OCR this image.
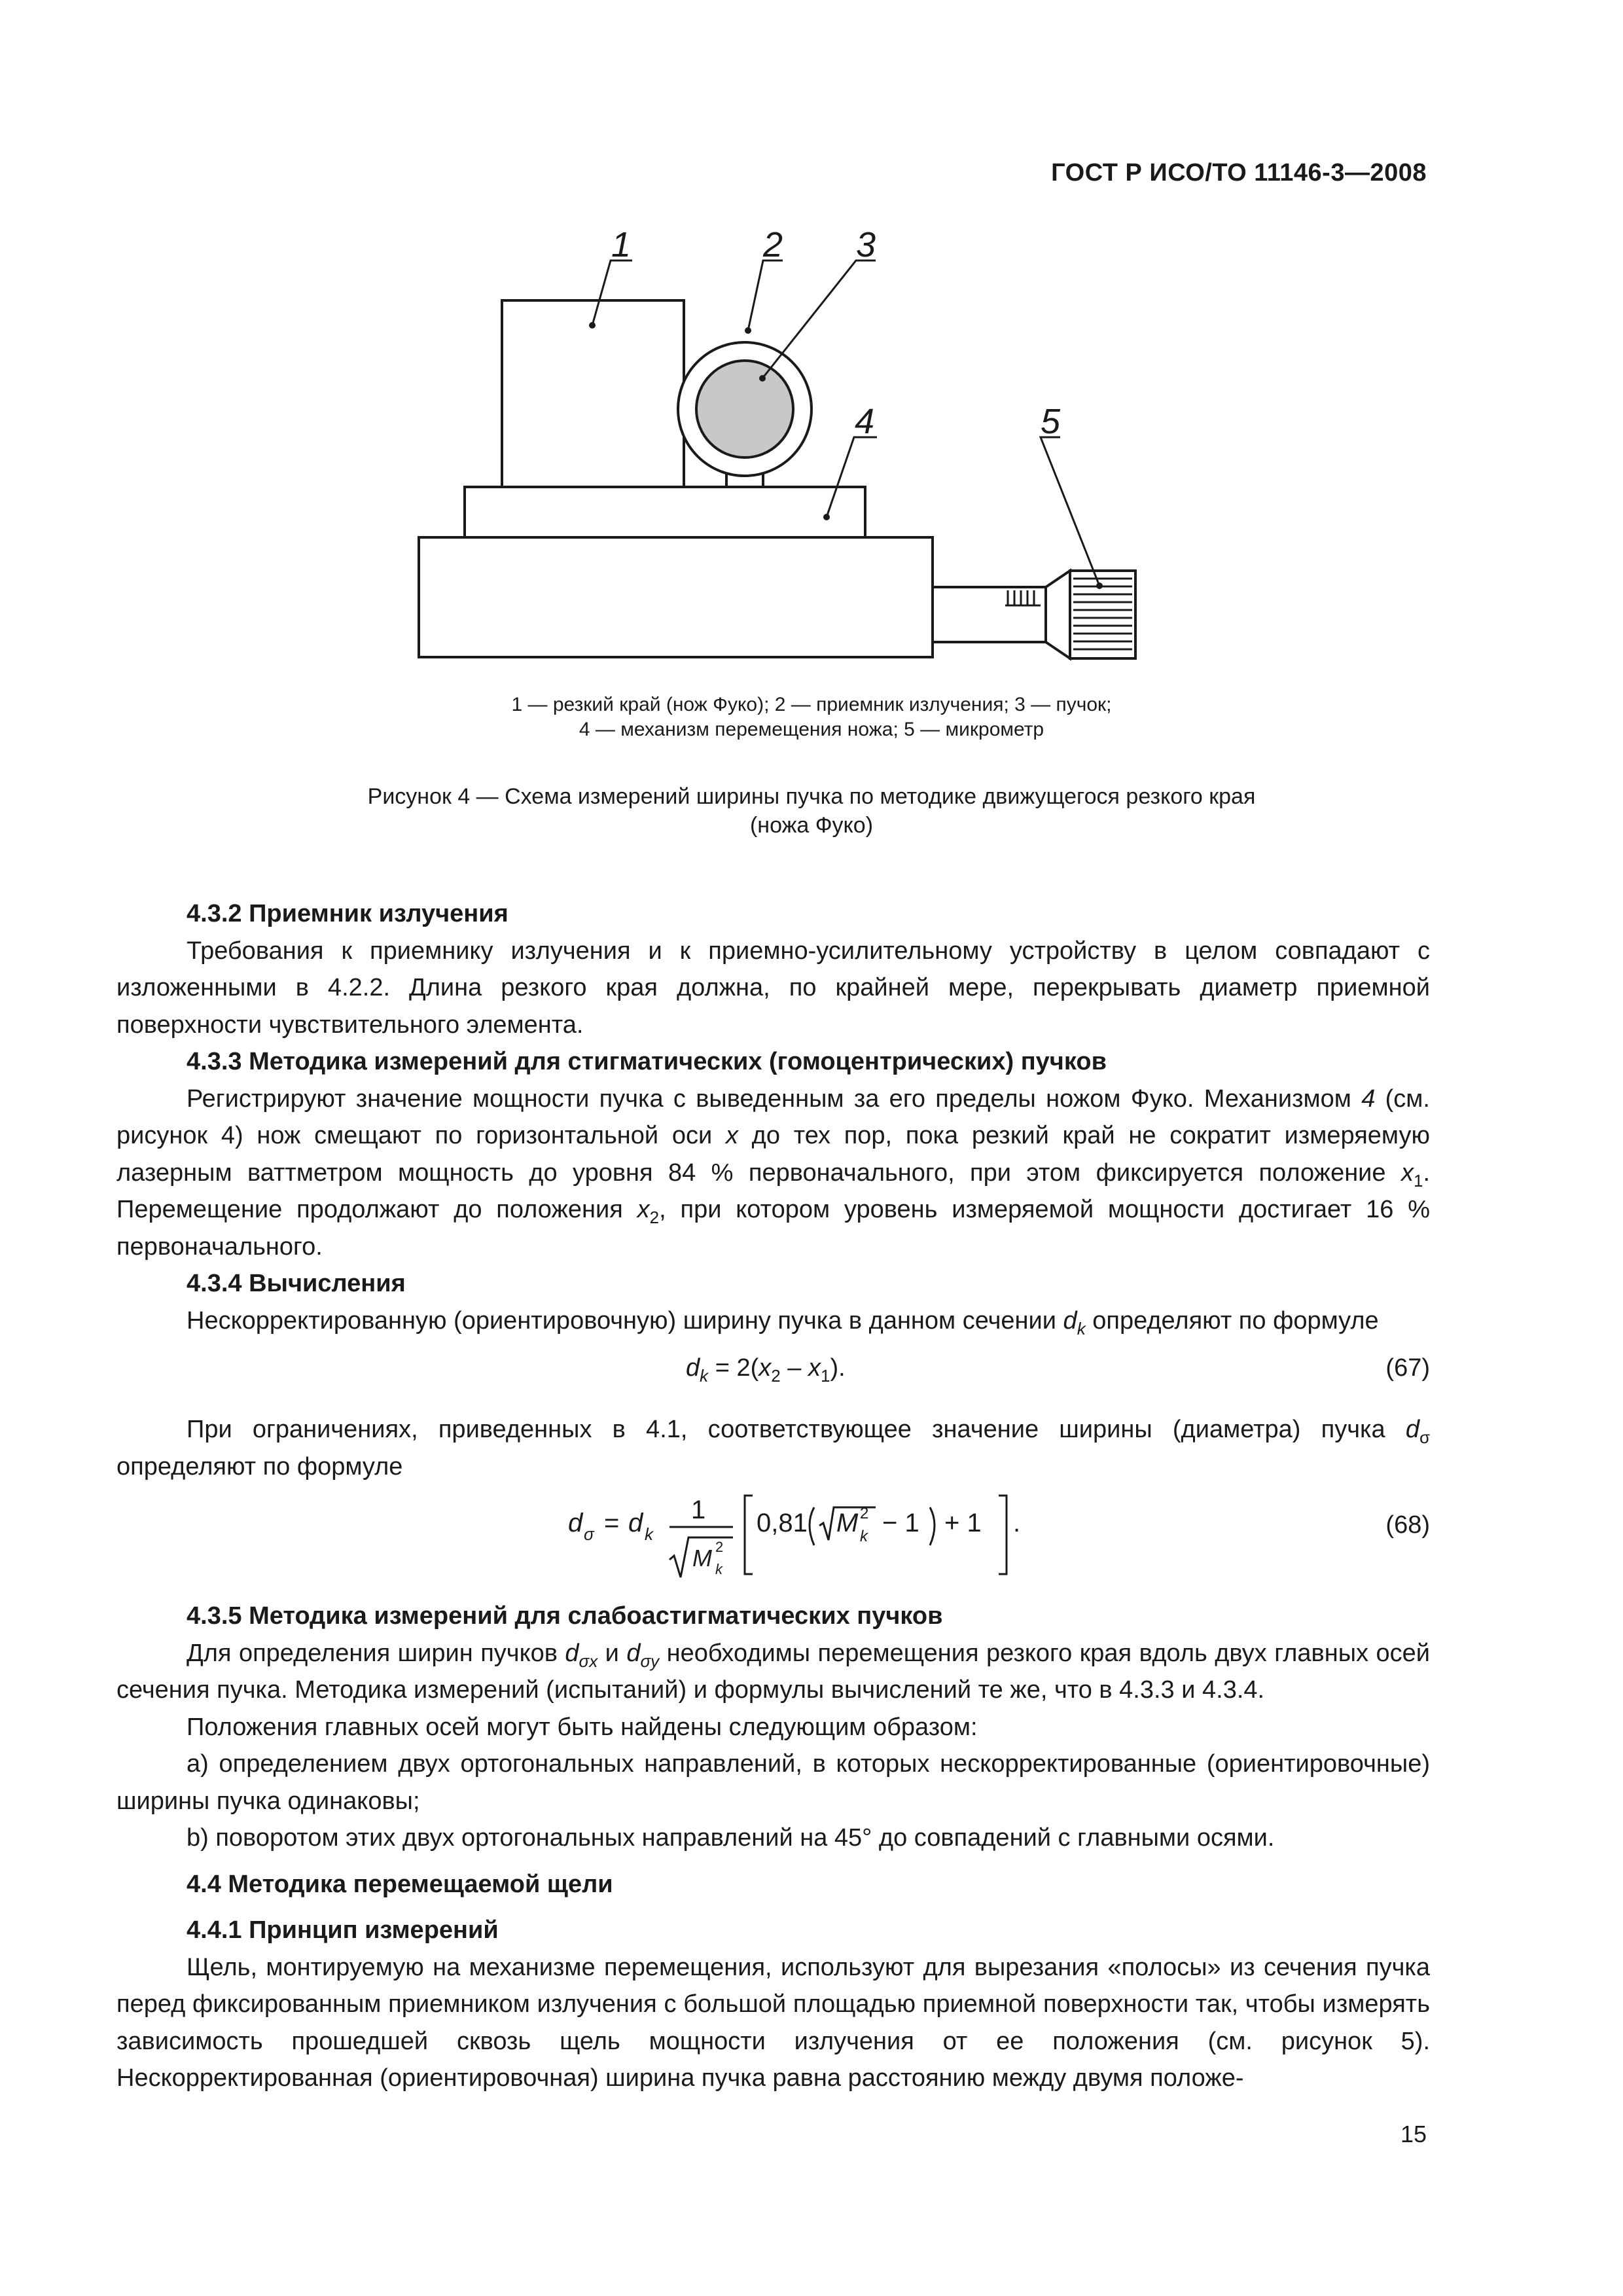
ГОСТ Р ИСО/ТО 11146-3—2008
1	2 3
4	5
1 — резкий край (нож Фуко); 2 — приемник излучения; 3 — пучок;
4 — механизм перемещения ножа; 5 — микрометр
Рисунок 4 — Схема измерений ширины пучка по методике движущегося резкого края
(ножа Фуко)

4.3.2 Приемник излучения

Требования к приемнику излучения и к приемно-усилительному устройству в целом совпадают с изложенными в 4.2.2. Длина резкого края должна, по крайней мере, перекрывать диаметр приемной поверхности чувствительного элемента.

4.3.3 Методика измерений для стигматических (гомоцентрических) пучков

Регистрируют значение мощности пучка с выведенным за его пределы ножом Фуко. Механизмом 4 (см. рисунок 4) нож смещают по горизонтальной оси x до тех пор, пока резкий край не сократит измеряемую лазерным ваттметром мощность до уровня 84 % первоначального, при этом фиксируется положение $x_1$. Перемещение продолжают до положения $x_2$, при котором уровень измеряемой мощности достигает 16 % первоначального.

4.3.4 Вычисления

Нескорректированную (ориентировочную) ширину пучка в данном сечении $d_k$ определяют по формуле

$d_k = 2(x_2 - x_1)$.	(67)

При ограничениях, приведенных в 4.1, соответствующее значение ширины (диаметра) пучка $d_\sigma$ определяют по формуле

d σ = d k
1
M 2
k
0,81 M 2
k − 1 + 1 .	(68)

4.3.5 Методика измерений для слабоастигматических пучков

Для определения ширин пучков $d_{\sigma x}$ и $d_{\sigma y}$ необходимы перемещения резкого края вдоль двух главных осей сечения пучка. Методика измерений (испытаний) и формулы вычислений те же, что в 4.3.3 и 4.3.4.

Положения главных осей могут быть найдены следующим образом:

a) определением двух ортогональных направлений, в которых нескорректированные (ориентировочные) ширины пучка одинаковы;

b) поворотом этих двух ортогональных направлений на 45° до совпадений с главными осями.

4.4 Методика перемещаемой щели

4.4.1 Принцип измерений

Щель, монтируемую на механизме перемещения, используют для вырезания «полосы» из сечения пучка перед фиксированным приемником излучения с большой площадью приемной поверхности так, чтобы измерять зависимость прошедшей сквозь щель мощности излучения от ее положения (см. рисунок 5). Нескорректированная (ориентировочная) ширина пучка равна расстоянию между двумя положе-

15
